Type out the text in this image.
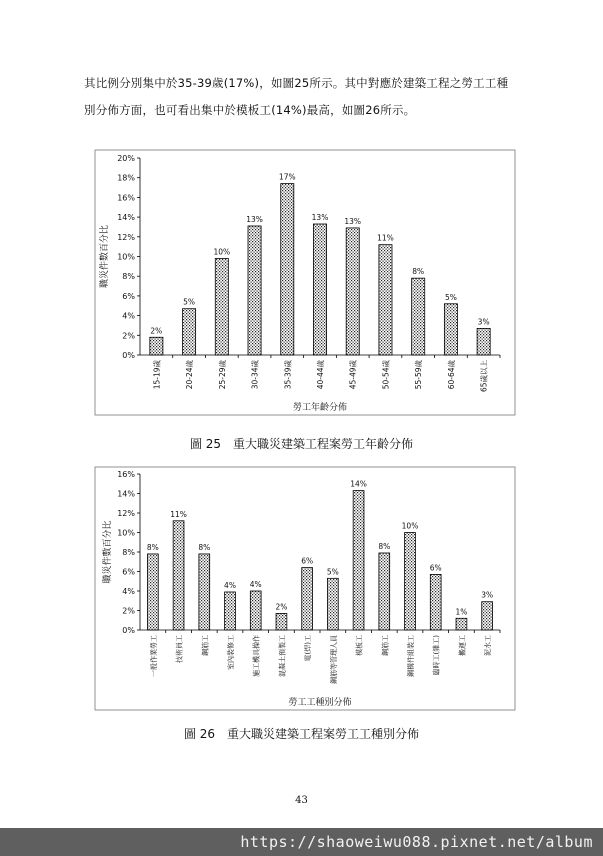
其比例分別集中於35-39歲(17%)，如圖25所示。其中對應於建築工程之勞工工種
別分佈方面，也可看出集中於模板工(14%)最高，如圖26所示。
0%
2%
4%
6%
8%
10%
12%
14%
16%
18%
20%
職災件數百分比
2%
15-19歲
5%
20-24歲
10%
25-29歲
13%
30-34歲
17%
35-39歲
13%
40-44歲
13%
45-49歲
11%
50-54歲
8%
55-59歲
5%
60-64歲
3%
65歲以上
勞工年齡分佈
圖 25　重大職災建築工程案勞工年齡分佈
0%
2%
4%
6%
8%
10%
12%
14%
16%
職災件數百分比	8%
一般作業勞工
11%
技術員工
8%
鋼筋工
4%
室內裝修工
4%
施工機具操作
2%
混凝土預製工
6%
電(焊)工
5%
鋼筋等管理人員
14%
模板工
8%
鋼筋工
10%
鋼構件組裝工
6%
臨時工(雜工)
1%
搬運工
3%
泥水工
勞工工種別分佈
圖 26　重大職災建築工程案勞工工種別分佈
43
https://shaoweiwu088.pixnet.net/album
